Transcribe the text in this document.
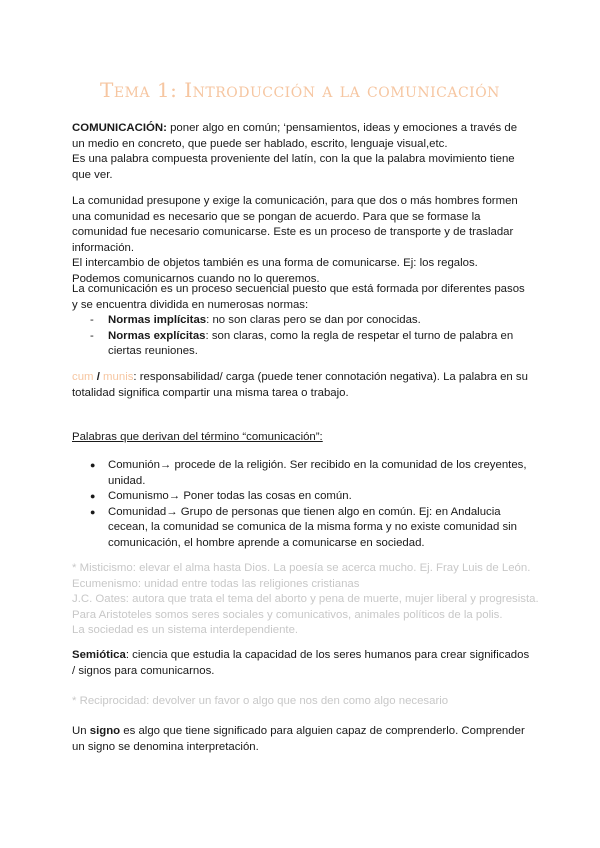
Tema 1: Introducción a la comunicación
COMUNICACIÓN: poner algo en común; ‘pensamientos, ideas y emociones a través de un medio en concreto, que puede ser hablado, escrito, lenguaje visual,etc.
Es una palabra compuesta proveniente del latín, con la que la palabra movimiento tiene que ver.
La comunidad presupone y exige la comunicación, para que dos o más hombres formen una comunidad es necesario que se pongan de acuerdo. Para que se formase la comunidad fue necesario comunicarse. Este es un proceso de transporte y de trasladar información.
El intercambio de objetos también es una forma de comunicarse. Ej: los regalos.
Podemos comunicarnos cuando no lo queremos.
La comunicación es un proceso secuencial puesto que está formada por diferentes pasos y se encuentra dividida en numerosas normas:
- Normas implícitas: no son claras pero se dan por conocidas.
- Normas explícitas: son claras, como la regla de respetar el turno de palabra en ciertas reuniones.
cum / munis: responsabilidad/ carga (puede tener connotación negativa). La palabra en su totalidad significa compartir una misma tarea o trabajo.
Palabras que derivan del término “comunicación”:
● Comunión→ procede de la religión. Ser recibido en la comunidad de los creyentes, unidad.
● Comunismo→ Poner todas las cosas en común.
● Comunidad→ Grupo de personas que tienen algo en común. Ej: en Andalucia cecean, la comunidad se comunica de la misma forma y no existe comunidad sin comunicación, el hombre aprende a comunicarse en sociedad.
* Misticismo: elevar el alma hasta Dios. La poesía se acerca mucho. Ej. Fray Luis de León.
Ecumenismo: unidad entre todas las religiones cristianas
J.C. Oates: autora que trata el tema del aborto y pena de muerte, mujer liberal y progresista.
Para Aristoteles somos seres sociales y comunicativos, animales políticos de la polis.
La sociedad es un sistema interdependiente.
Semiótica: ciencia que estudia la capacidad de los seres humanos para crear significados / signos para comunicarnos.
* Reciprocidad: devolver un favor o algo que nos den como algo necesario
Un signo es algo que tiene significado para alguien capaz de comprenderlo. Comprender un signo se denomina interpretación.
